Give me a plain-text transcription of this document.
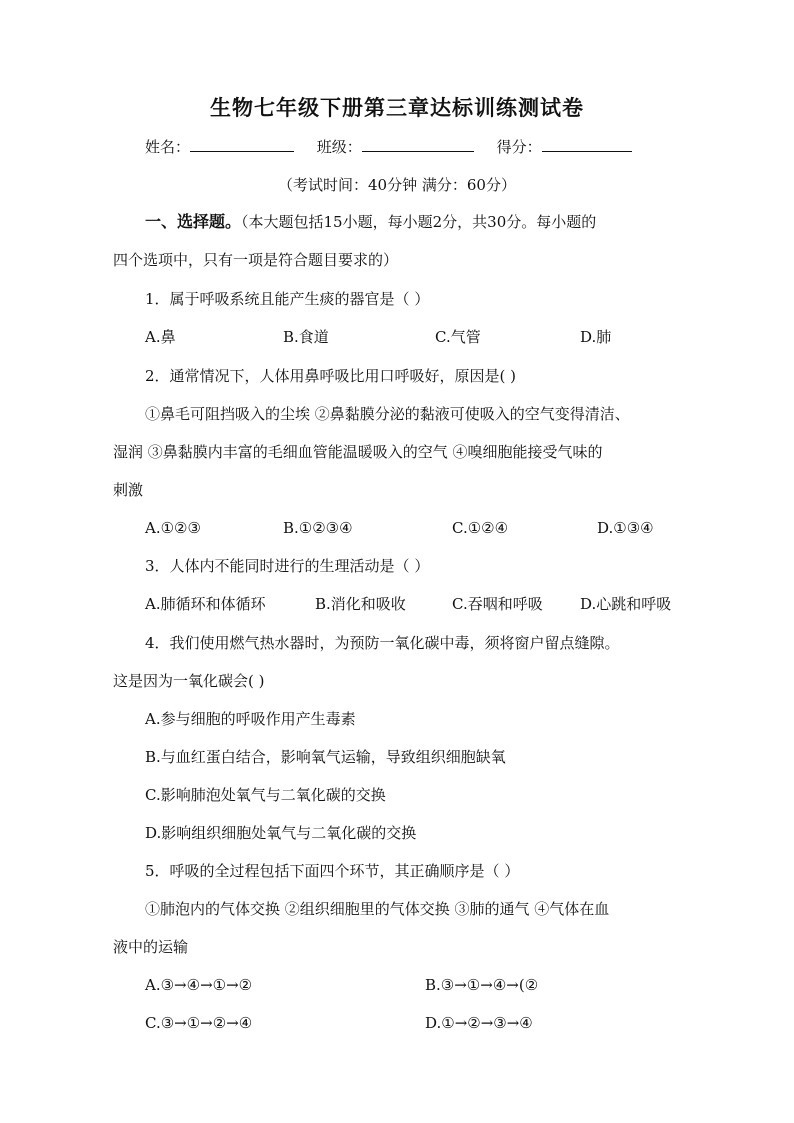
生物七年级下册第三章达标训练测试卷
姓名：	班级：	得分：
（考试时间：40分钟 满分：60分）
一、选择题。（本大题包括15小题，每小题2分，共30分。每小题的
四个选项中，只有一项是符合题目要求的）
1．属于呼吸系统且能产生痰的器官是（ ）
A.鼻	B.食道	C.气管	D.肺
2．通常情况下，人体用鼻呼吸比用口呼吸好，原因是( )
①鼻毛可阻挡吸入的尘埃 ②鼻黏膜分泌的黏液可使吸入的空气变得清洁、
湿润 ③鼻黏膜内丰富的毛细血管能温暖吸入的空气 ④嗅细胞能接受气味的
刺激
A.①②③	B.①②③④	C.①②④	D.①③④
3．人体内不能同时进行的生理活动是（ ）
A.肺循环和体循环	B.消化和吸收	C.吞咽和呼吸 D.心跳和呼吸
4．我们使用燃气热水器时，为预防一氧化碳中毒，须将窗户留点缝隙。
这是因为一氧化碳会( )
A.参与细胞的呼吸作用产生毒素
B.与血红蛋白结合，影响氧气运输，导致组织细胞缺氧
C.影响肺泡处氧气与二氧化碳的交换
D.影响组织细胞处氧气与二氧化碳的交换
5．呼吸的全过程包括下面四个环节，其正确顺序是（ ）
①肺泡内的气体交换 ②组织细胞里的气体交换 ③肺的通气 ④气体在血
液中的运输
A.③→④→①→②	B.③→①→④→(②
C.③→①→②→④	D.①→②→③→④
